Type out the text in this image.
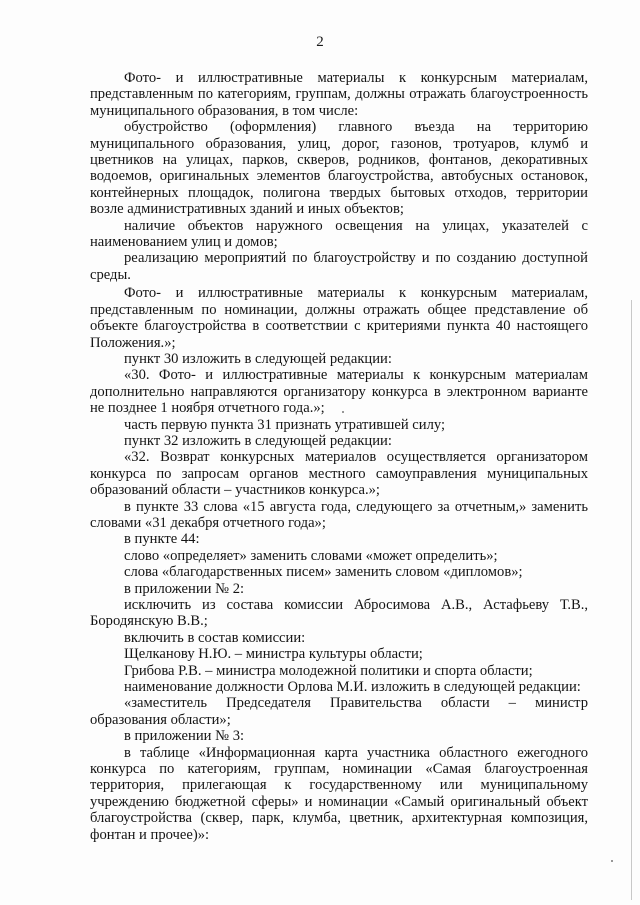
2

Фото- и иллюстративные материалы к конкурсным материалам, представленным по категориям, группам, должны отражать благоустроенность муниципального образования, в том числе:

обустройство (оформления) главного въезда на территорию муниципального образования, улиц, дорог, газонов, тротуаров, клумб и цветников на улицах, парков, скверов, родников, фонтанов, декоративных водоемов, оригинальных элементов благоустройства, автобусных остановок, контейнерных площадок, полигона твердых бытовых отходов, территории возле административных зданий и иных объектов;

наличие объектов наружного освещения на улицах, указателей с наименованием улиц и домов;

реализацию мероприятий по благоустройству и по созданию доступной среды.

Фото- и иллюстративные материалы к конкурсным материалам, представленным по номинации, должны отражать общее представление об объекте благоустройства в соответствии с критериями пункта 40 настоящего Положения.»;

пункт 30 изложить в следующей редакции:

«30. Фото- и иллюстративные материалы к конкурсным материалам дополнительно направляются организатору конкурса в электронном варианте не позднее 1 ноября отчетного года.»;

часть первую пункта 31 признать утратившей силу;

пункт 32 изложить в следующей редакции:

«32. Возврат конкурсных материалов осуществляется организатором конкурса по запросам органов местного самоуправления муниципальных образований области – участников конкурса.»;

в пункте 33 слова «15 августа года, следующего за отчетным,» заменить словами «31 декабря отчетного года»;

в пункте 44:

слово «определяет» заменить словами «может определить»;

слова «благодарственных писем» заменить словом «дипломов»;

в приложении № 2:

исключить из состава комиссии Абросимова А.В., Астафьеву Т.В., Бородянскую В.В.;

включить в состав комиссии:

Щелканову Н.Ю. – министра культуры области;

Грибова Р.В. – министра молодежной политики и спорта области;

наименование должности Орлова М.И. изложить в следующей редакции:

«заместитель Председателя Правительства области – министр образования области»;

в приложении № 3:

в таблице «Информационная карта участника областного ежегодного конкурса по категориям, группам, номинации «Самая благоустроенная территория, прилегающая к государственному или муниципальному учреждению бюджетной сферы» и номинации «Самый оригинальный объект благоустройства (сквер, парк, клумба, цветник, архитектурная композиция, фонтан и прочее)»:
